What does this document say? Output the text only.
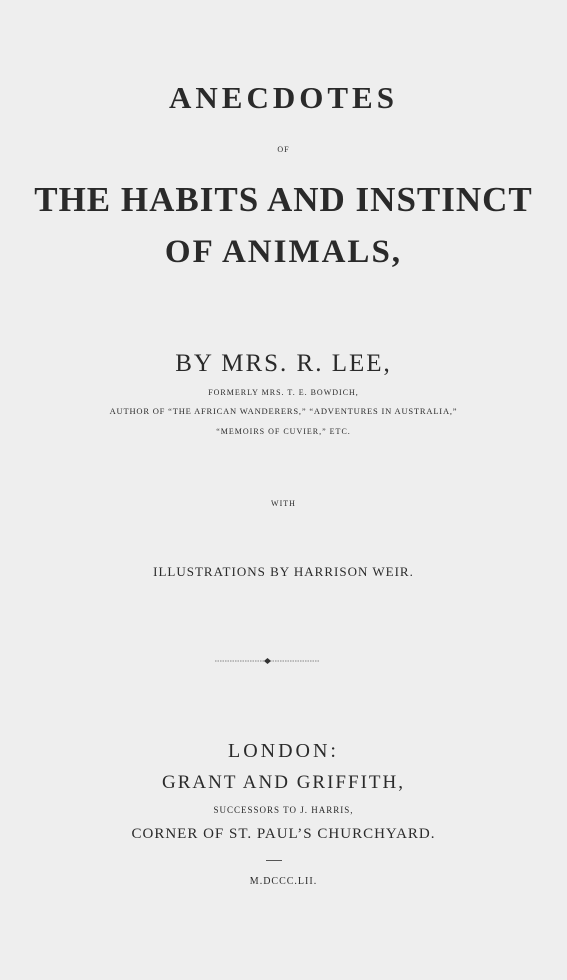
ANECDOTES
OF
THE HABITS AND INSTINCT
OF ANIMALS,
BY MRS. R. LEE,
FORMERLY MRS. T. E. BOWDICH,
AUTHOR OF “THE AFRICAN WANDERERS,” “ADVENTURES IN AUSTRALIA,”
“MEMOIRS OF CUVIER,” ETC.
WITH
ILLUSTRATIONS BY HARRISON WEIR.
LONDON:
GRANT AND GRIFFITH,
SUCCESSORS TO J. HARRIS,
CORNER OF ST. PAUL’S CHURCHYARD.
M.DCCC.LII.
